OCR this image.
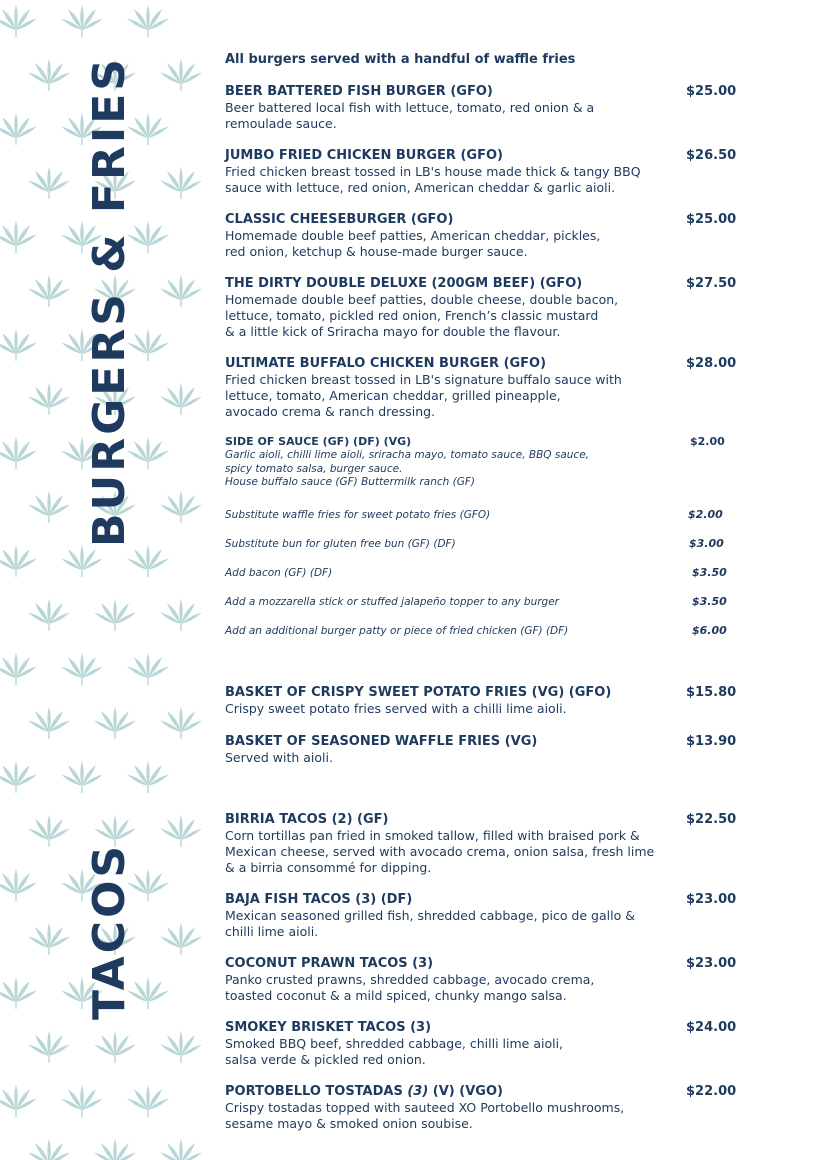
BURGERS & FRIES
TACOS
All burgers served with a handful of waffle fries
BEER BATTERED FISH BURGER (GFO)	$25.00
Beer battered local fish with lettuce, tomato, red onion & a
remoulade sauce.
JUMBO FRIED CHICKEN BURGER (GFO)	$26.50
Fried chicken breast tossed in LB's house made thick & tangy BBQ
sauce with lettuce, red onion, American cheddar & garlic aioli.
CLASSIC CHEESEBURGER (GFO)	$25.00
Homemade double beef patties, American cheddar, pickles,
red onion, ketchup & house-made burger sauce.
THE DIRTY DOUBLE DELUXE (200GM BEEF) (GFO)	$27.50
Homemade double beef patties, double cheese, double bacon,
lettuce, tomato, pickled red onion, French’s classic mustard
& a little kick of Sriracha mayo for double the flavour.
ULTIMATE BUFFALO CHICKEN BURGER (GFO)	$28.00
Fried chicken breast tossed in LB's signature buffalo sauce with
lettuce, tomato, American cheddar, grilled pineapple,
avocado crema & ranch dressing.
SIDE OF SAUCE (GF) (DF) (VG)	$2.00
Garlic aioli, chilli lime aioli, sriracha mayo, tomato sauce, BBQ sauce,
spicy tomato salsa, burger sauce.
House buffalo sauce (GF) Buttermilk ranch (GF)
Substitute waffle fries for sweet potato fries (GFO)	$2.00
Substitute bun for gluten free bun (GF) (DF)	$3.00
Add bacon (GF) (DF)	$3.50
Add a mozzarella stick or stuffed jalapeño topper to any burger	$3.50
Add an additional burger patty or piece of fried chicken (GF) (DF)	$6.00
BASKET OF CRISPY SWEET POTATO FRIES (VG) (GFO)	$15.80
Crispy sweet potato fries served with a chilli lime aioli.
BASKET OF SEASONED WAFFLE FRIES (VG)	$13.90
Served with aioli.
BIRRIA TACOS (2) (GF)	$22.50
Corn tortillas pan fried in smoked tallow, filled with braised pork &
Mexican cheese, served with avocado crema, onion salsa, fresh lime
& a birria consommé for dipping.
BAJA FISH TACOS (3) (DF)	$23.00
Mexican seasoned grilled fish, shredded cabbage, pico de gallo &
chilli lime aioli.
COCONUT PRAWN TACOS (3)	$23.00
Panko crusted prawns, shredded cabbage, avocado crema,
toasted coconut & a mild spiced, chunky mango salsa.
SMOKEY BRISKET TACOS (3)	$24.00
Smoked BBQ beef, shredded cabbage, chilli lime aioli,
salsa verde & pickled red onion.
PORTOBELLO TOSTADAS (3) (V) (VGO)	$22.00
Crispy tostadas topped with sauteed XO Portobello mushrooms,
sesame mayo & smoked onion soubise.
